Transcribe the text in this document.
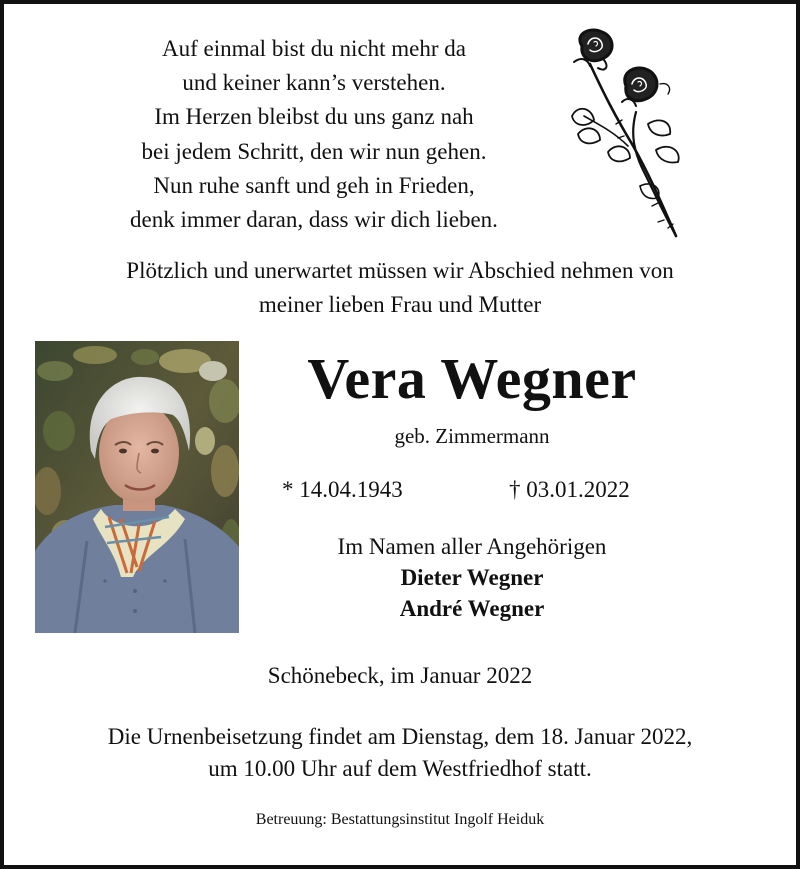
Auf einmal bist du nicht mehr da
und keiner kann’s verstehen.
Im Herzen bleibst du uns ganz nah
bei jedem Schritt, den wir nun gehen.
Nun ruhe sanft und geh in Frieden,
denk immer daran, dass wir dich lieben.
Plötzlich und unerwartet müssen wir Abschied nehmen von
meiner lieben Frau und Mutter
Vera Wegner
geb. Zimmermann
* 14.04.1943	† 03.01.2022
Im Namen aller Angehörigen
Dieter Wegner
André Wegner
Schönebeck, im Januar 2022
Die Urnenbeisetzung findet am Dienstag, dem 18. Januar 2022,
um 10.00 Uhr auf dem Westfriedhof statt.
Betreuung: Bestattungsinstitut Ingolf Heiduk
